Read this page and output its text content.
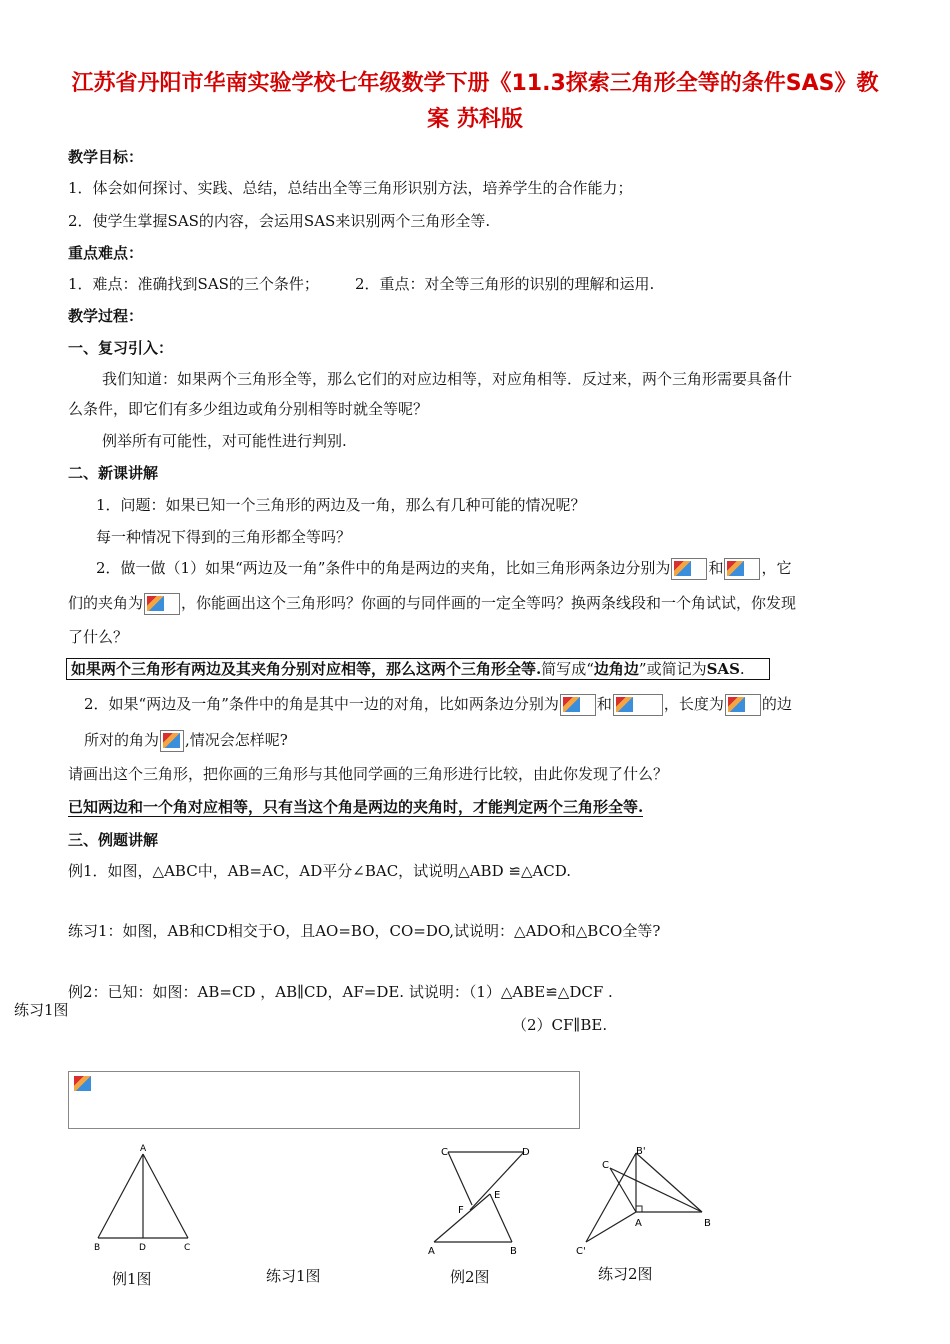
江苏省丹阳市华南实验学校七年级数学下册《11.3探索三角形全等的条件SAS》教
案 苏科版
教学目标：
1．体会如何探讨、实践、总结，总结出全等三角形识别方法，培养学生的合作能力；
2．使学生掌握SAS的内容，会运用SAS来识别两个三角形全等.
重点难点：
1．难点：准确找到SAS的三个条件； 2．重点：对全等三角形的识别的理解和运用.
教学过程：
一、复习引入：
我们知道：如果两个三角形全等，那么它们的对应边相等，对应角相等．反过来，两个三角形需要具备什
么条件，即它们有多少组边或角分别相等时就全等呢？
例举所有可能性，对可能性进行判别.
二、新课讲解
1．问题：如果已知一个三角形的两边及一角，那么有几种可能的情况呢？
每一种情况下得到的三角形都全等吗？
2．做一做（1）如果“两边及一角”条件中的角是两边的夹角，比如三角形两条边分别为	和	，它
们的夹角为	，你能画出这个三角形吗？你画的与同伴画的一定全等吗？换两条线段和一个角试试，你发现
了什么？
如果两个三角形有两边及其夹角分别对应相等，那么这两个三角形全等.简写成“边角边”或简记为SAS.
2．如果“两边及一角”条件中的角是其中一边的对角，比如两条边分别为	和	，长度为	的边
所对的角为 ,情况会怎样呢?
请画出这个三角形，把你画的三角形与其他同学画的三角形进行比较，由此你发现了什么？
已知两边和一个角对应相等，只有当这个角是两边的夹角时，才能判定两个三角形全等.
三、例题讲解
例1．如图，△ABC中，AB=AC，AD平分∠BAC，试说明△ABD ≌△ACD.
练习1：如图，AB和CD相交于O，且AO=BO，CO=DO,试说明：△ADO和△BCO全等?
例2：已知：如图：AB=CD ，AB∥CD，AF=DE. 试说明：（1）△ABE≌△DCF .
练习1图
（2）CF∥BE.
A
B	D	C
C	D
E
F
A	B
B'
C
A	B
C'
例1图	练习1图	例2图	练习2图
